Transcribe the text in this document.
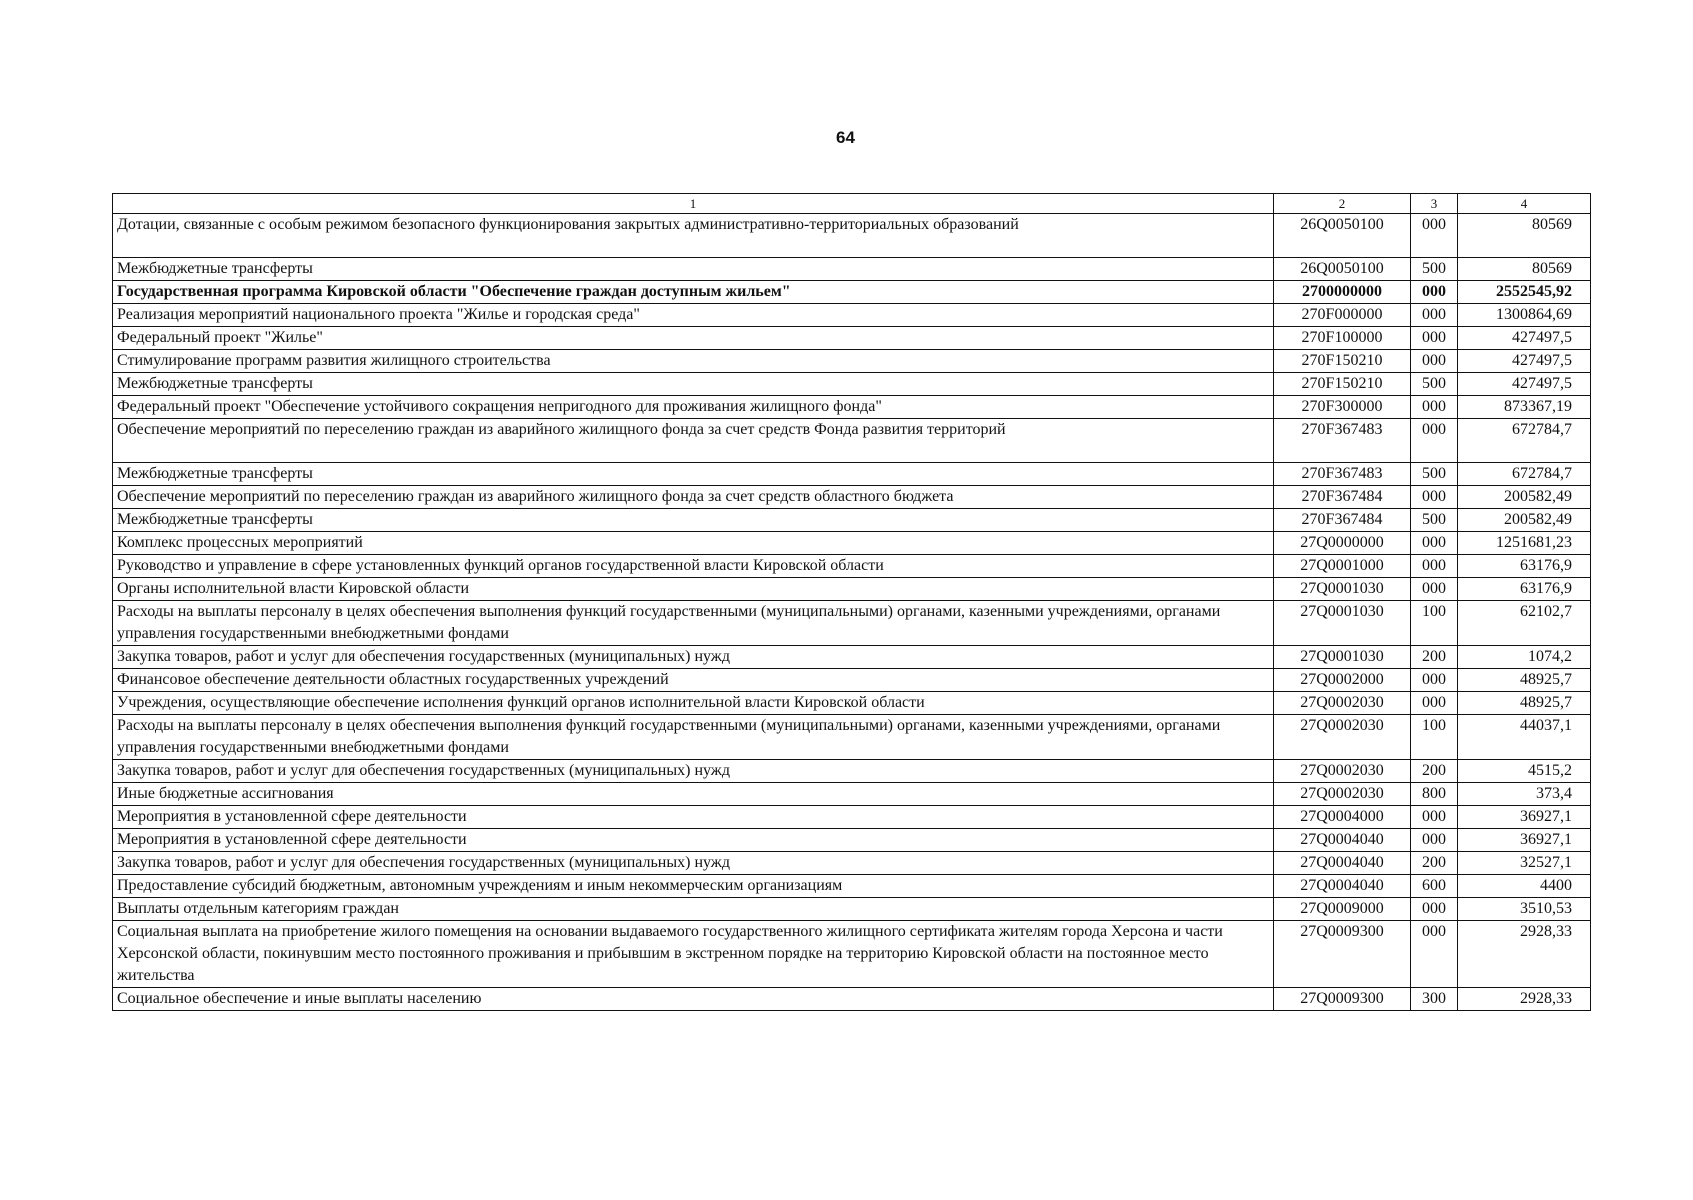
64
1	2	3	4
Дотации, связанные с особым режимом безопасного функционирования закрытых административно-территориальных образований	26Q0050100	000	80569
Межбюджетные трансферты	26Q0050100	500	80569
Государственная программа Кировской области "Обеспечение граждан доступным жильем"	2700000000	000	2552545,92
Реализация мероприятий национального проекта "Жилье и городская среда"	270F000000	000	1300864,69
Федеральный проект "Жилье"	270F100000	000	427497,5
Стимулирование программ развития жилищного строительства	270F150210	000	427497,5
Межбюджетные трансферты	270F150210	500	427497,5
Федеральный проект "Обеспечение устойчивого сокращения непригодного для проживания жилищного фонда"	270F300000	000	873367,19
Обеспечение мероприятий по переселению граждан из аварийного жилищного фонда за счет средств Фонда развития территорий	270F367483	000	672784,7
Межбюджетные трансферты	270F367483	500	672784,7
Обеспечение мероприятий по переселению граждан из аварийного жилищного фонда за счет средств областного бюджета	270F367484	000	200582,49
Межбюджетные трансферты	270F367484	500	200582,49
Комплекс процессных мероприятий	27Q0000000	000	1251681,23
Руководство и управление в сфере установленных функций органов государственной власти Кировской области	27Q0001000	000	63176,9
Органы исполнительной власти Кировской области	27Q0001030	000	63176,9
Расходы на выплаты персоналу в целях обеспечения выполнения функций государственными (муниципальными) органами, казенными учреждениями, органами управления государственными внебюджетными фондами	27Q0001030	100	62102,7
Закупка товаров, работ и услуг для обеспечения государственных (муниципальных) нужд	27Q0001030	200	1074,2
Финансовое обеспечение деятельности областных государственных учреждений	27Q0002000	000	48925,7
Учреждения, осуществляющие обеспечение исполнения функций органов исполнительной власти Кировской области	27Q0002030	000	48925,7
Расходы на выплаты персоналу в целях обеспечения выполнения функций государственными (муниципальными) органами, казенными учреждениями, органами управления государственными внебюджетными фондами	27Q0002030	100	44037,1
Закупка товаров, работ и услуг для обеспечения государственных (муниципальных) нужд	27Q0002030	200	4515,2
Иные бюджетные ассигнования	27Q0002030	800	373,4
Мероприятия в установленной сфере деятельности	27Q0004000	000	36927,1
Мероприятия в установленной сфере деятельности	27Q0004040	000	36927,1
Закупка товаров, работ и услуг для обеспечения государственных (муниципальных) нужд	27Q0004040	200	32527,1
Предоставление субсидий бюджетным, автономным учреждениям и иным некоммерческим организациям	27Q0004040	600	4400
Выплаты отдельным категориям граждан	27Q0009000	000	3510,53
Социальная выплата на приобретение жилого помещения на основании выдаваемого государственного жилищного сертификата жителям города Херсона и части Херсонской области, покинувшим место постоянного проживания и прибывшим в экстренном порядке на территорию Кировской области на постоянное место жительства	27Q0009300	000	2928,33
Социальное обеспечение и иные выплаты населению	27Q0009300	300	2928,33
